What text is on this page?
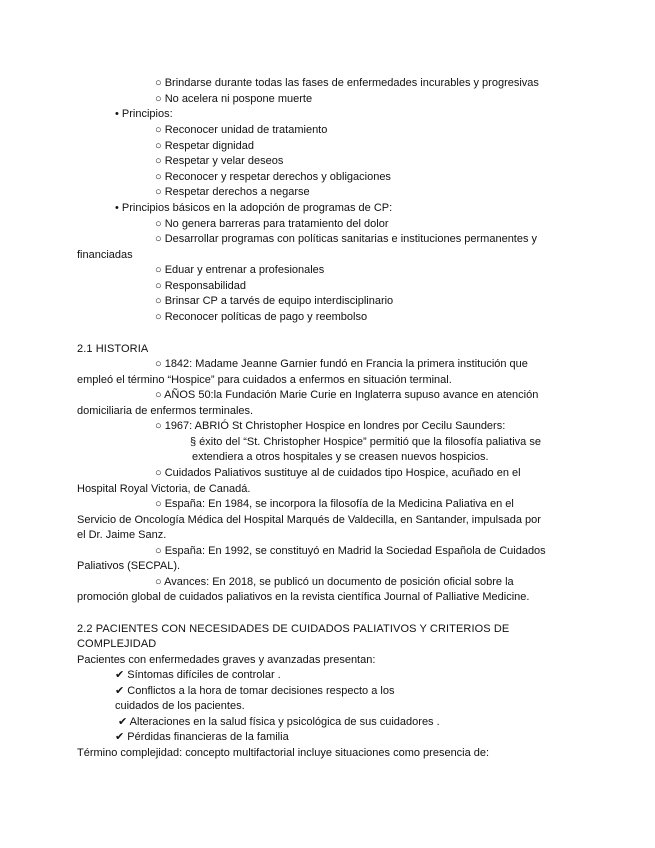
○ Brindarse durante todas las fases de enfermedades incurables y progresivas
○ No acelera ni pospone muerte
• Principios:
○ Reconocer unidad de tratamiento
○ Respetar dignidad
○ Respetar y velar deseos
○ Reconocer y respetar derechos y obligaciones
○ Respetar derechos a negarse
• Principios básicos en la adopción de programas de CP:
○ No genera barreras para tratamiento del dolor
○ Desarrollar programas con políticas sanitarias e instituciones permanentes y
financiadas
○ Eduar y entrenar a profesionales
○ Responsabilidad
○ Brinsar CP a tarvés de equipo interdisciplinario
○ Reconocer políticas de pago y reembolso
2.1 HISTORIA
○ 1842: Madame Jeanne Garnier fundó en Francia la primera institución que
empleó el término “Hospice” para cuidados a enfermos en situación terminal.
○ AÑOS 50:la Fundación Marie Curie en Inglaterra supuso avance en atención
domiciliaria de enfermos terminales.
○ 1967: ABRIÓ St Christopher Hospice en londres por Cecilu Saunders:
§ éxito del “St. Christopher Hospice” permitió que la filosofía paliativa se
extendiera a otros hospitales y se creasen nuevos hospicios.
○ Cuidados Paliativos sustituye al de cuidados tipo Hospice, acuñado en el
Hospital Royal Victoria, de Canadá.
○ España: En 1984, se incorpora la filosofía de la Medicina Paliativa en el
Servicio de Oncología Médica del Hospital Marqués de Valdecilla, en Santander, impulsada por
el Dr. Jaime Sanz.
○ España: En 1992, se constituyó en Madrid la Sociedad Española de Cuidados
Paliativos (SECPAL).
○ Avances: En 2018, se publicó un documento de posición oficial sobre la
promoción global de cuidados paliativos en la revista científica Journal of Palliative Medicine.
2.2 PACIENTES CON NECESIDADES DE CUIDADOS PALIATIVOS Y CRITERIOS DE
COMPLEJIDAD
Pacientes con enfermedades graves y avanzadas presentan:
✔ Síntomas difíciles de controlar .
✔ Conflictos a la hora de tomar decisiones respecto a los
cuidados de los pacientes.
✔ Alteraciones en la salud física y psicológica de sus cuidadores .
✔ Pérdidas financieras de la familia
Término complejidad: concepto multifactorial incluye situaciones como presencia de:
